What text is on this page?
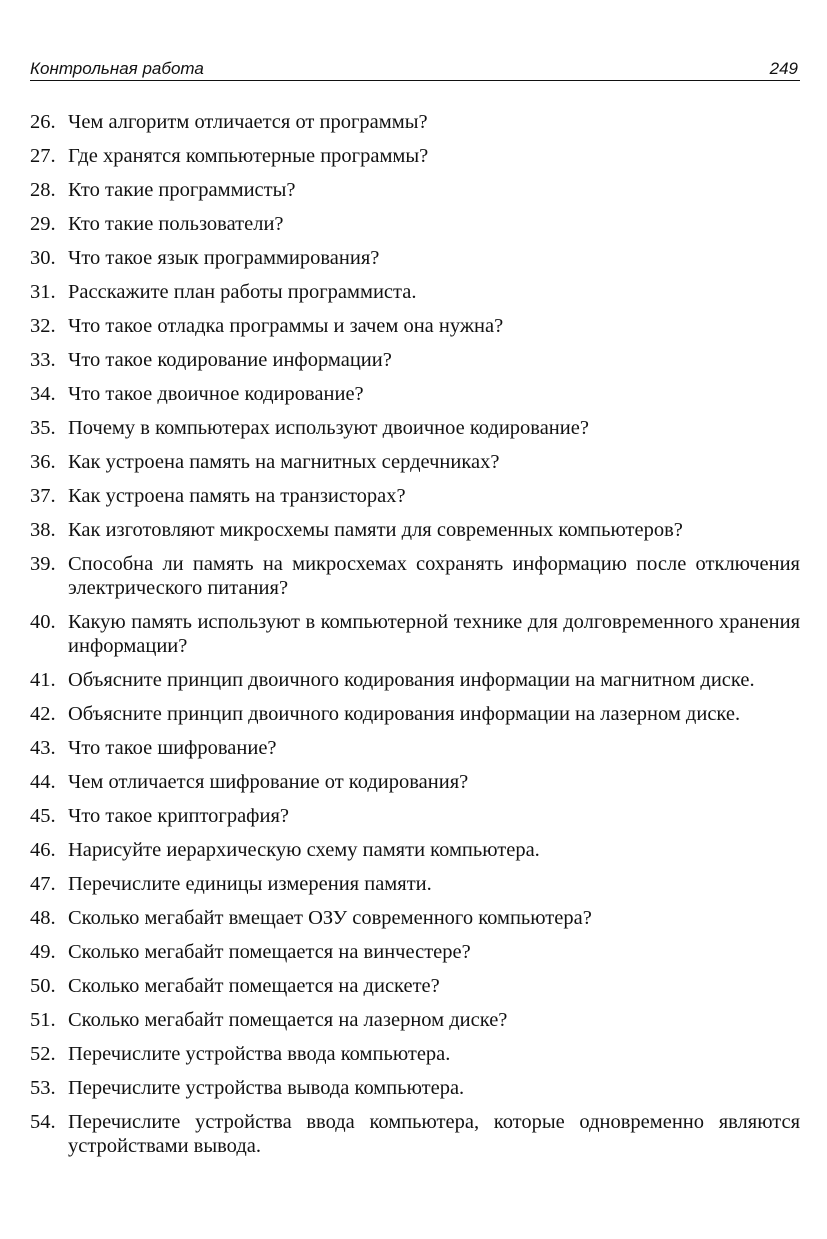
Контрольная работа	249
26. Чем алгоритм отличается от программы?
27. Где хранятся компьютерные программы?
28. Кто такие программисты?
29. Кто такие пользователи?
30. Что такое язык программирования?
31. Расскажите план работы программиста.
32. Что такое отладка программы и зачем она нужна?
33. Что такое кодирование информации?
34. Что такое двоичное кодирование?
35. Почему в компьютерах используют двоичное кодирование?
36. Как устроена память на магнитных сердечниках?
37. Как устроена память на транзисторах?
38. Как изготовляют микросхемы памяти для современных компьютеров?
39. Способна ли память на микросхемах сохранять информацию после отключения электрического питания?
40. Какую память используют в компьютерной технике для долговременного хранения информации?
41. Объясните принцип двоичного кодирования информации на магнитном диске.
42. Объясните принцип двоичного кодирования информации на лазерном диске.
43. Что такое шифрование?
44. Чем отличается шифрование от кодирования?
45. Что такое криптография?
46. Нарисуйте иерархическую схему памяти компьютера.
47. Перечислите единицы измерения памяти.
48. Сколько мегабайт вмещает ОЗУ современного компьютера?
49. Сколько мегабайт помещается на винчестере?
50. Сколько мегабайт помещается на дискете?
51. Сколько мегабайт помещается на лазерном диске?
52. Перечислите устройства ввода компьютера.
53. Перечислите устройства вывода компьютера.
54. Перечислите устройства ввода компьютера, которые одновременно являются устройствами вывода.
